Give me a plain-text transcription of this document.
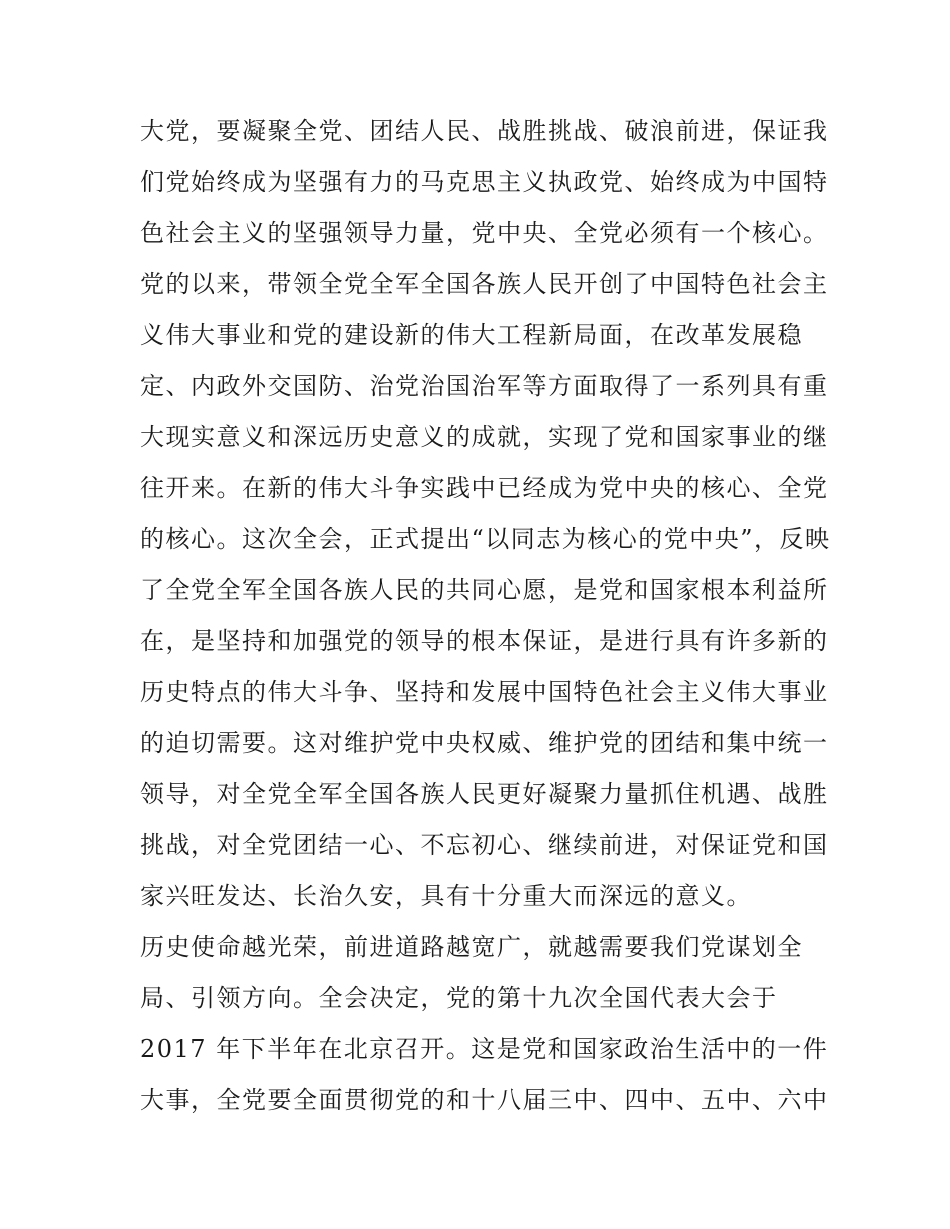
大党，要凝聚全党、团结人民、战胜挑战、破浪前进，保证我
们党始终成为坚强有力的马克思主义执政党、始终成为中国特
色社会主义的坚强领导力量，党中央、全党必须有一个核心。
党的以来，带领全党全军全国各族人民开创了中国特色社会主
义伟大事业和党的建设新的伟大工程新局面，在改革发展稳
定、内政外交国防、治党治国治军等方面取得了一系列具有重
大现实意义和深远历史意义的成就，实现了党和国家事业的继
往开来。在新的伟大斗争实践中已经成为党中央的核心、全党
的核心。这次全会，正式提出“以同志为核心的党中央”，反映
了全党全军全国各族人民的共同心愿，是党和国家根本利益所
在，是坚持和加强党的领导的根本保证，是进行具有许多新的
历史特点的伟大斗争、坚持和发展中国特色社会主义伟大事业
的迫切需要。这对维护党中央权威、维护党的团结和集中统一
领导，对全党全军全国各族人民更好凝聚力量抓住机遇、战胜
挑战，对全党团结一心、不忘初心、继续前进，对保证党和国
家兴旺发达、长治久安，具有十分重大而深远的意义。
历史使命越光荣，前进道路越宽广，就越需要我们党谋划全
局、引领方向。全会决定，党的第十九次全国代表大会于
2017 年下半年在北京召开。这是党和国家政治生活中的一件
大事，全党要全面贯彻党的和十八届三中、四中、五中、六中
